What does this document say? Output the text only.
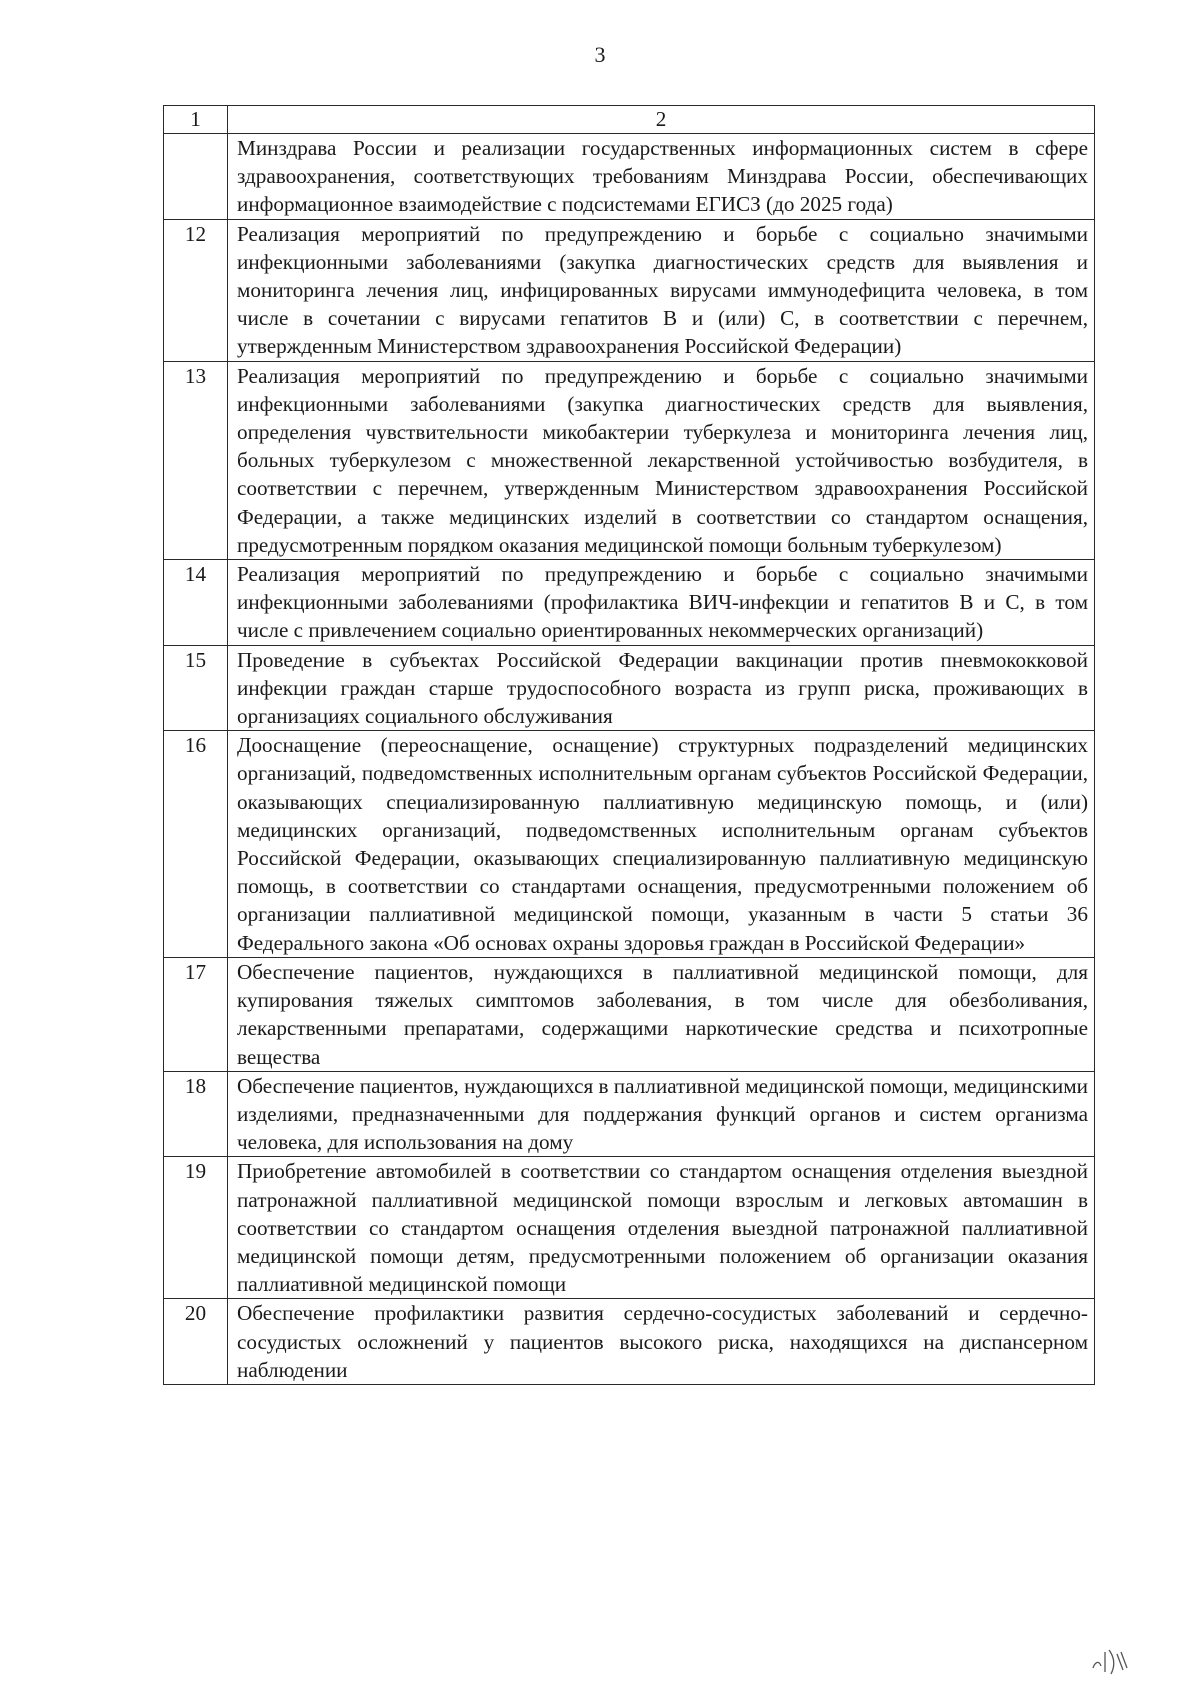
3
1	2
	Минздрава России и реализации государственных информационных систем в сфере здравоохранения, соответствующих требованиям Минздрава России, обеспечивающих информационное взаимодействие с подсистемами ЕГИСЗ (до 2025 года)
12	Реализация мероприятий по предупреждению и борьбе с социально значимыми инфекционными заболеваниями (закупка диагностических средств для выявления и мониторинга лечения лиц, инфицированных вирусами иммунодефицита человека, в том числе в сочетании с вирусами гепатитов В и (или) С, в соответствии с перечнем, утвержденным Министерством здравоохранения Российской Федерации)
13	Реализация мероприятий по предупреждению и борьбе с социально значимыми инфекционными заболеваниями (закупка диагностических средств для выявления, определения чувствительности микобактерии туберкулеза и мониторинга лечения лиц, больных туберкулезом с множественной лекарственной устойчивостью возбудителя, в соответствии с перечнем, утвержденным Министерством здравоохранения Российской Федерации, а также медицинских изделий в соответствии со стандартом оснащения, предусмотренным порядком оказания медицинской помощи больным туберкулезом)
14	Реализация мероприятий по предупреждению и борьбе с социально значимыми инфекционными заболеваниями (профилактика ВИЧ-инфекции и гепатитов В и С, в том числе с привлечением социально ориентированных некоммерческих организаций)
15	Проведение в субъектах Российской Федерации вакцинации против пневмококковой инфекции граждан старше трудоспособного возраста из групп риска, проживающих в организациях социального обслуживания
16	Дооснащение (переоснащение, оснащение) структурных подразделений медицинских организаций, подведомственных исполнительным органам субъектов Российской Федерации, оказывающих специализированную паллиативную медицинскую помощь, и (или) медицинских организаций, подведомственных исполнительным органам субъектов Российской Федерации, оказывающих специализированную паллиативную медицинскую помощь, в соответствии со стандартами оснащения, предусмотренными положением об организации паллиативной медицинской помощи, указанным в части 5 статьи 36 Федерального закона «Об основах охраны здоровья граждан в Российской Федерации»
17	Обеспечение пациентов, нуждающихся в паллиативной медицинской помощи, для купирования тяжелых симптомов заболевания, в том числе для обезболивания, лекарственными препаратами, содержащими наркотические средства и психотропные вещества
18	Обеспечение пациентов, нуждающихся в паллиативной медицинской помощи, медицинскими изделиями, предназначенными для поддержания функций органов и систем организма человека, для использования на дому
19	Приобретение автомобилей в соответствии со стандартом оснащения отделения выездной патронажной паллиативной медицинской помощи взрослым и легковых автомашин в соответствии со стандартом оснащения отделения выездной патронажной паллиативной медицинской помощи детям, предусмотренными положением об организации оказания паллиативной медицинской помощи
20	Обеспечение профилактики развития сердечно-сосудистых заболеваний и сердечно-сосудистых осложнений у пациентов высокого риска, находящихся на диспансерном наблюдении
